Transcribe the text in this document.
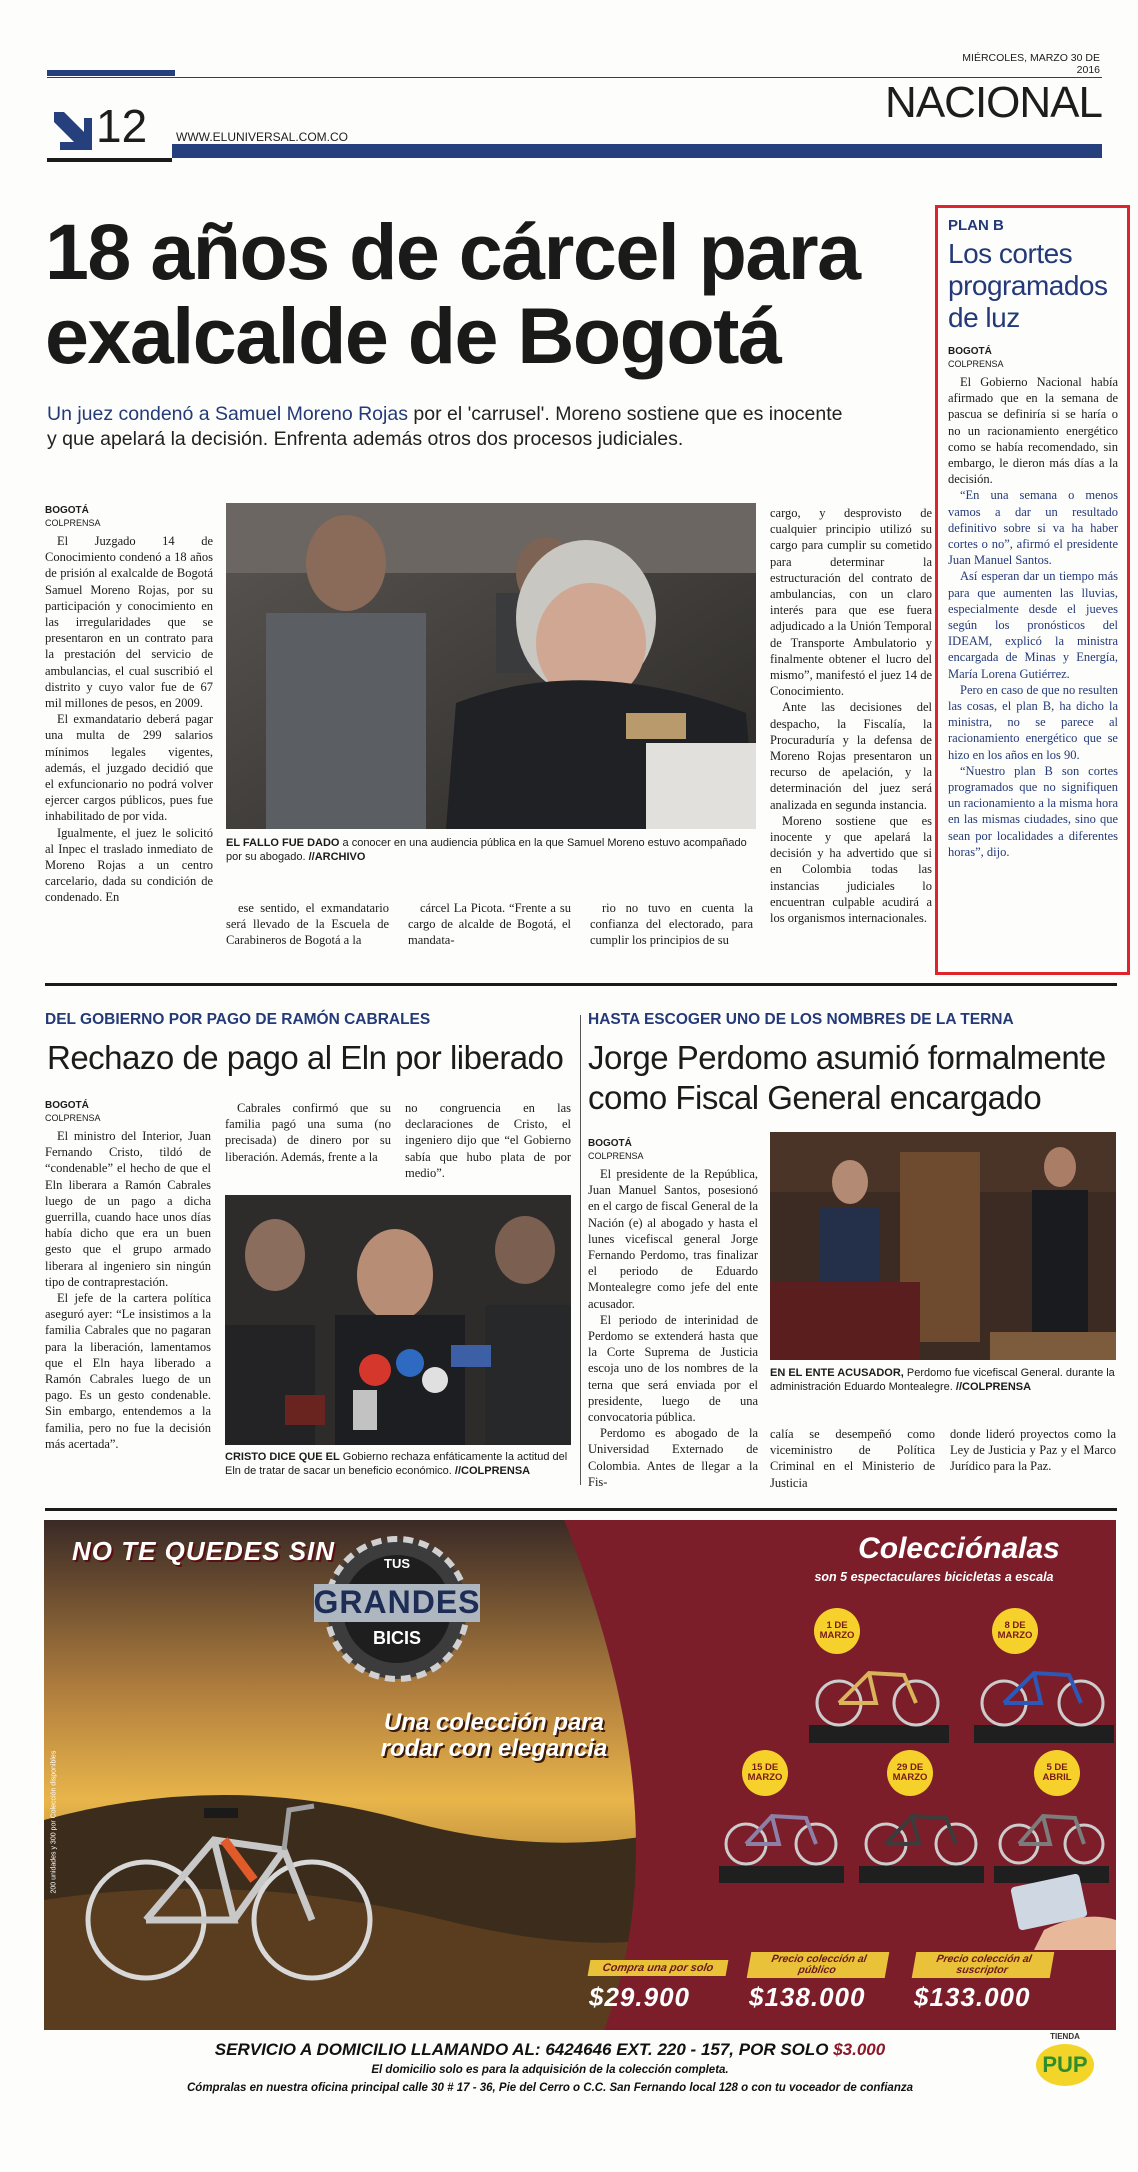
MIÉRCOLES, MARZO 30 DE 2016
NACIONAL
12 WWW.ELUNIVERSAL.COM.CO
18 años de cárcel para
exalcalde de Bogotá
Un juez condenó a Samuel Moreno Rojas por el 'carrusel'. Moreno sostiene que es inocente y que apelará la decisión. Enfrenta además otros dos procesos judiciales.
BOGOTÁ
COLPRENSA

El Juzgado 14 de Conocimiento condenó a 18 años de prisión al exalcalde de Bogotá Samuel Moreno Rojas, por su participación y conocimiento en las irregularidades que se presentaron en un contrato para la prestación del servicio de ambulancias, el cual suscribió el distrito y cuyo valor fue de 67 mil millones de pesos, en 2009.

El exmandatario deberá pagar una multa de 299 salarios mínimos legales vigentes, además, el juzgado decidió que el exfuncionario no podrá volver ejercer cargos públicos, pues fue inhabilitado de por vida.

Igualmente, el juez le solicitó al Inpec el traslado inmediato de Moreno Rojas a un centro carcelario, dada su condición de condenado. En

EL FALLO FUE DADO a conocer en una audiencia pública en la que Samuel Moreno estuvo acompañado por su abogado. //ARCHIVO

ese sentido, el exmandatario será llevado de la Escuela de Carabineros de Bogotá a la

cárcel La Picota. “Frente a su cargo de alcalde de Bogotá, el mandata-

rio no tuvo en cuenta la confianza del electorado, para cumplir los principios de su

cargo, y desprovisto de cualquier principio utilizó su cargo para cumplir su cometido para determinar la estructuración del contrato de ambulancias, con un claro interés para que ese fuera adjudicado a la Unión Temporal de Transporte Ambulatorio y finalmente obtener el lucro del mismo”, manifestó el juez 14 de Conocimiento.

Ante las decisiones del despacho, la Fiscalía, la Procuraduría y la defensa de Moreno Rojas presentaron un recurso de apelación, y la determinación del juez será analizada en segunda instancia.

Moreno sostiene que es inocente y que apelará la decisión y ha advertido que si en Colombia todas las instancias judiciales lo encuentran culpable acudirá a los organismos internacionales.

PLAN B
Los cortes
programados
de luz
BOGOTÁ
COLPRENSA

El Gobierno Nacional había afirmado que en la semana de pascua se definiría si se haría o no un racionamiento energético como se había recomendado, sin embargo, le dieron más días a la decisión.

“En una semana o menos vamos a dar un resultado definitivo sobre si va ha haber cortes o no”, afirmó el presidente Juan Manuel Santos.

Así esperan dar un tiempo más para que aumenten las lluvias, especialmente desde el jueves según los pronósticos del IDEAM, explicó la ministra encargada de Minas y Energía, María Lorena Gutiérrez.

Pero en caso de que no resulten las cosas, el plan B, ha dicho la ministra, no se parece al racionamiento energético que se hizo en los años en los 90.

“Nuestro plan B son cortes programados que no signifiquen un racionamiento a la misma hora en las mismas ciudades, sino que sean por localidades a diferentes horas”, dijo.

DEL GOBIERNO POR PAGO DE RAMÓN CABRALES
Rechazo de pago al Eln por liberado
BOGOTÁ
COLPRENSA

El ministro del Interior, Juan Fernando Cristo, tildó de “condenable” el hecho de que el Eln liberara a Ramón Cabrales luego de un pago a dicha guerrilla, cuando hace unos días había dicho que era un buen gesto que el grupo armado liberara al ingeniero sin ningún tipo de contraprestación.

El jefe de la cartera política aseguró ayer: “Le insistimos a la familia Cabrales que no pagaran para la liberación, lamentamos que el Eln haya liberado a Ramón Cabrales luego de un pago. Es un gesto condenable. Sin embargo, entendemos a la familia, pero no fue la decisión más acertada”.

Cabrales confirmó que su familia pagó una suma (no precisada) de dinero por su liberación. Además, frente a la

no congruencia en las declaraciones de Cristo, el ingeniero dijo que “el Gobierno sabía que hubo plata de por medio”.

CRISTO DICE QUE EL Gobierno rechaza enfáticamente la actitud del Eln de tratar de sacar un beneficio económico. //COLPRENSA
HASTA ESCOGER UNO DE LOS NOMBRES DE LA TERNA
Jorge Perdomo asumió formalmente
como Fiscal General encargado
BOGOTÁ
COLPRENSA

El presidente de la República, Juan Manuel Santos, posesionó en el cargo de fiscal General de la Nación (e) al abogado y hasta el lunes vicefiscal general Jorge Fernando Perdomo, tras finalizar el periodo de Eduardo Montealegre como jefe del ente acusador.

El periodo de interinidad de Perdomo se extenderá hasta que la Corte Suprema de Justicia escoja uno de los nombres de la terna que será enviada por el presidente, luego de una convocatoria pública.

Perdomo es abogado de la Universidad Externado de Colombia. Antes de llegar a la Fis-

EN EL ENTE ACUSADOR, Perdomo fue vicefiscal General. durante la administración Eduardo Montealegre. //COLPRENSA

calía se desempeñó como viceministro de Política Criminal en el Ministerio de Justicia

donde lideró proyectos como la Ley de Justicia y Paz y el Marco Jurídico para la Paz.

NO TE QUEDES SIN	TUS
GRANDES
BICIS
Una colección para
rodar con elegancia
200 unidades y 300 por Colección disponibles
Colecciónalas
son 5 espectaculares bicicletas a escala
1 DE MARZO
8 DE MARZO
15 DE MARZO
29 DE MARZO
5 DE ABRIL
Compra una por solo
Precio colección al público
Precio colección al suscriptor
$29.900 $138.000 $133.000
SERVICIO A DOMICILIO LLAMANDO AL: 6424646 EXT. 220 - 157, POR SOLO $3.000
El domicilio solo es para la adquisición de la colección completa.
Cómpralas en nuestra oficina principal calle 30 # 17 - 36, Pie del Cerro o C.C. San Fernando local 128 o con tu voceador de confianza
TIENDA
PUP
